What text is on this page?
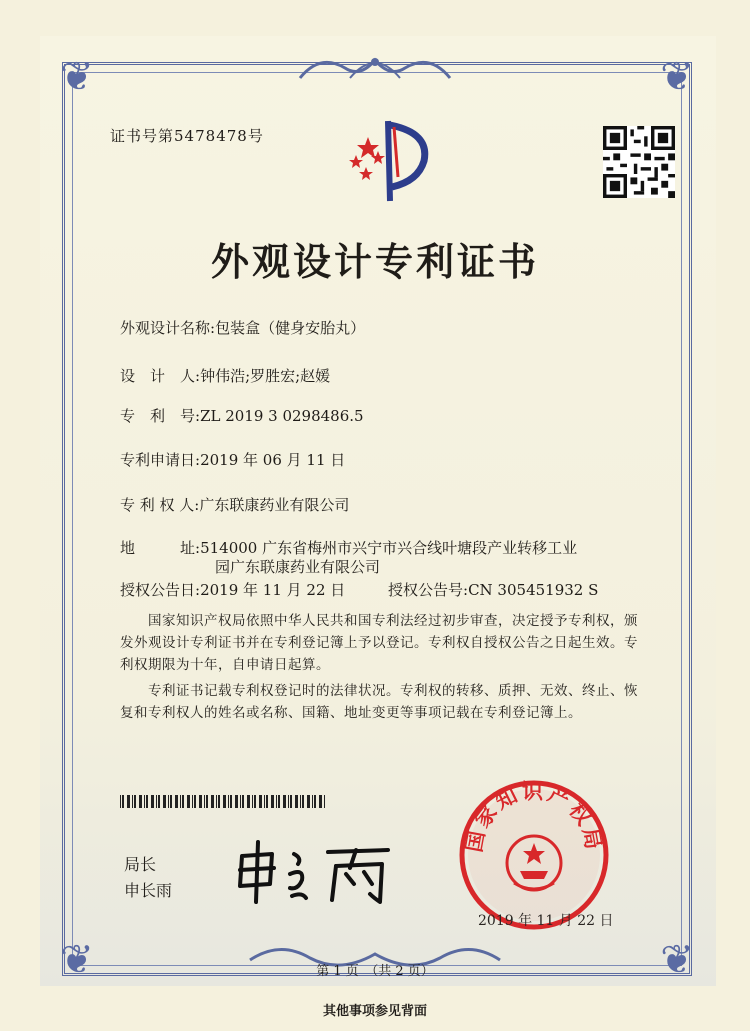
❦	❦
❦	❦
证书号第5478478号
外观设计专利证书
外观设计名称:包装盒（健身安胎丸）
设　计　人:钟伟浩;罗胜宏;赵媛
专　利　号:ZL 2019 3 0298486.5
专利申请日:2019 年 06 月 11 日
专 利 权 人:广东联康药业有限公司
地　　　址:514000 广东省梅州市兴宁市兴合线叶塘段产业转移工业
园广东联康药业有限公司
授权公告日:2019 年 11 月 22 日	授权公告号:CN 305451932 S
国家知识产权局依照中华人民共和国专利法经过初步审查，决定授予专利权，颁发外观设计专利证书并在专利登记簿上予以登记。专利权自授权公告之日起生效。专利权期限为十年，自申请日起算。
专利证书记载专利权登记时的法律状况。专利权的转移、质押、无效、终止、恢复和专利权人的姓名或名称、国籍、地址变更等事项记载在专利登记簿上。
局长
申长雨
国家知识产权局
2019 年 11 月 22 日
第 1 页　（共 2 页）
其他事项参见背面
